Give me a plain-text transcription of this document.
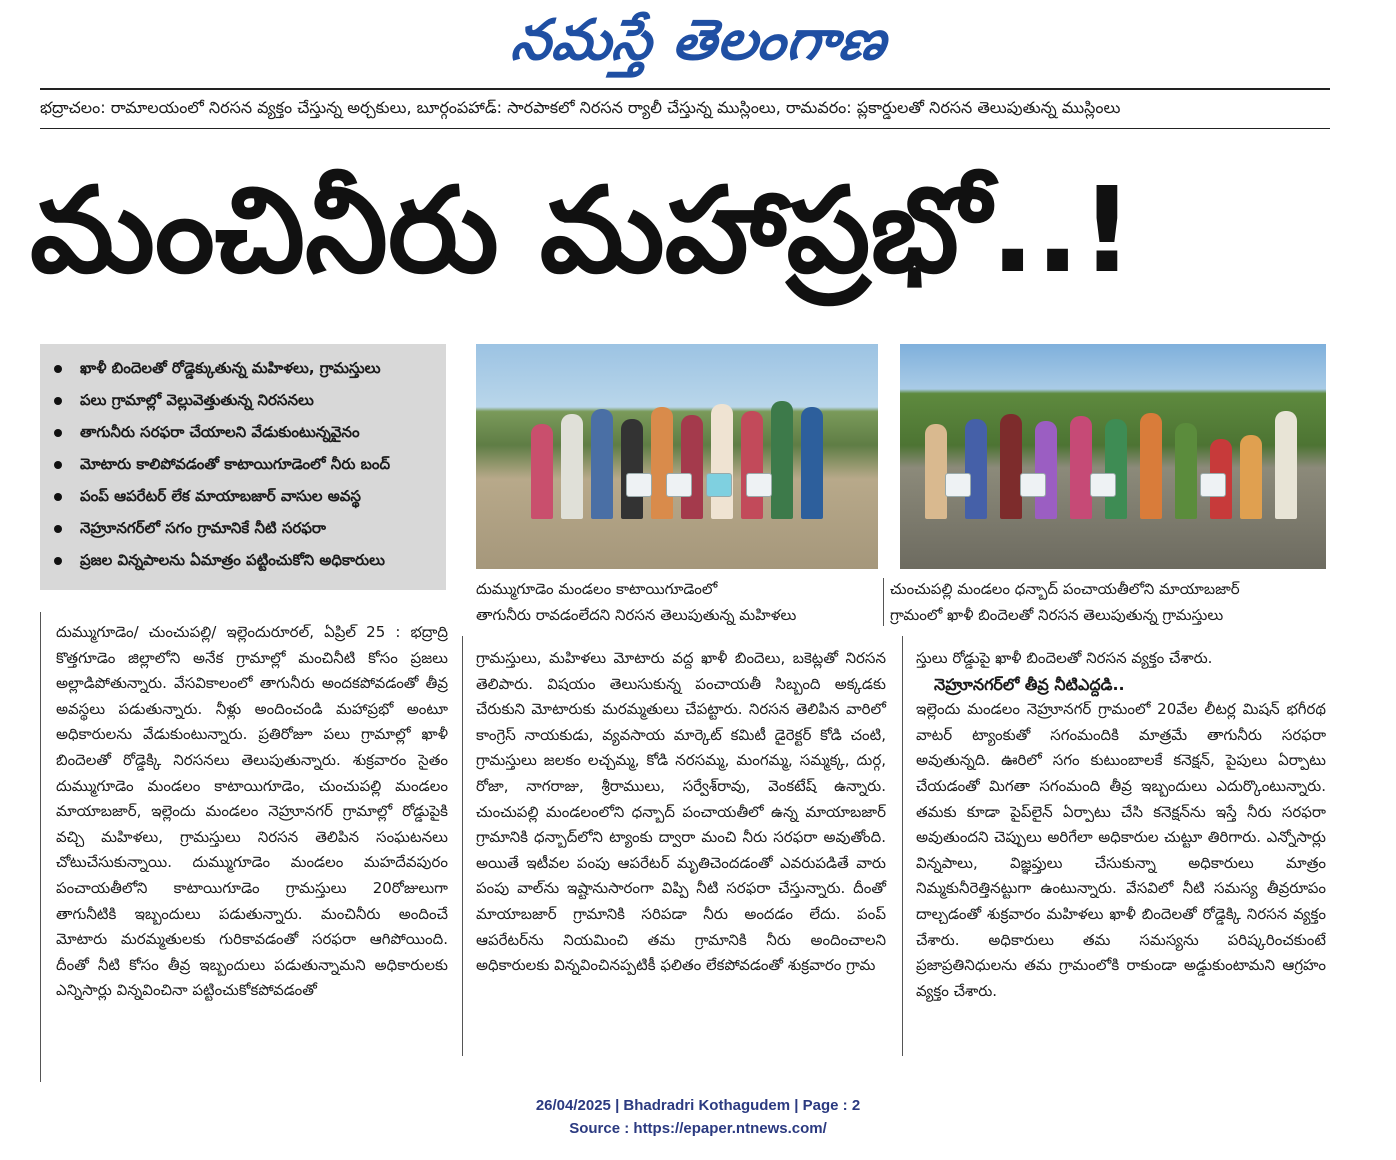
నమస్తే తెలంగాణ
భద్రాచలం: రామాలయంలో నిరసన వ్యక్తం చేస్తున్న అర్చకులు, బూర్గంపహాడ్: సారపాకలో నిరసన ర్యాలీ చేస్తున్న ముస్లింలు, రామవరం: ప్లకార్డులతో నిరసన తెలుపుతున్న ముస్లింలు
మంచినీరు మహాప్రభో..!
ఖాళీ బిందెలతో రోడ్డెక్కుతున్న మహిళలు, గ్రామస్తులు
పలు గ్రామాల్లో వెల్లువెత్తుతున్న నిరసనలు
తాగునీరు సరఫరా చేయాలని వేడుకుంటున్నవైనం
మోటారు కాలిపోవడంతో కాటాయిగూడెంలో నీరు బంద్
పంప్ ఆపరేటర్ లేక మాయాబజార్ వాసుల అవస్థ
నెహ్రూనగర్‌లో సగం గ్రామానికే నీటి సరఫరా
ప్రజల విన్నపాలను ఏమాత్రం పట్టించుకోని అధికారులు
దుమ్ముగూడెం మండలం కాటాయిగూడెంలో
తాగునీరు రావడంలేదని నిరసన తెలుపుతున్న మహిళలు
చుంచుపల్లి మండలం ధన్బాద్ పంచాయతీలోని మాయాబజార్
గ్రామంలో ఖాళీ బిందెలతో నిరసన తెలుపుతున్న గ్రామస్తులు

దుమ్ముగూడెం/ చుంచుపల్లి/ ఇల్లెందురూరల్, ఏప్రిల్ 25 : భద్రాద్రి కొత్తగూడెం జిల్లాలోని అనేక గ్రామాల్లో మంచినీటి కోసం ప్రజలు అల్లాడిపోతున్నారు. వేసవికాలంలో తాగునీరు అందకపోవడంతో తీవ్ర అవస్థలు పడుతున్నారు. నీళ్లు అందించండి మహాప్రభో అంటూ అధికారులను వేడుకుంటున్నారు. ప్రతిరోజూ పలు గ్రామాల్లో ఖాళీ బిందెలతో రోడ్డెక్కి నిరసనలు తెలుపుతున్నారు. శుక్రవారం సైతం దుమ్ముగూడెం మండలం కాటాయిగూడెం, చుంచుపల్లి మండలం మాయాబజార్, ఇల్లెందు మండలం నెహ్రూనగర్ గ్రామాల్లో రోడ్డుపైకి వచ్చి మహిళలు, గ్రామస్తులు నిరసన తెలిపిన సంఘటనలు చోటుచేసుకున్నాయి. దుమ్ముగూడెం మండలం మహదేవపురం పంచాయతీలోని కాటాయిగూడెం గ్రామస్తులు 20రోజులుగా తాగునీటికి ఇబ్బందులు పడుతున్నారు. మంచినీరు అందించే మోటారు మరమ్మతులకు గురికావడంతో సరఫరా ఆగిపోయింది. దీంతో నీటి కోసం తీవ్ర ఇబ్బందులు పడుతున్నామని అధికారులకు ఎన్నిసార్లు విన్నవించినా పట్టించుకోకపోవడంతో

గ్రామస్తులు, మహిళలు మోటారు వద్ద ఖాళీ బిందెలు, బకెట్లతో నిరసన తెలిపారు. విషయం తెలుసుకున్న పంచాయతీ సిబ్బంది అక్కడకు చేరుకుని మోటారుకు మరమ్మతులు చేపట్టారు. నిరసన తెలిపిన వారిలో కాంగ్రెస్ నాయకుడు, వ్యవసాయ మార్కెట్ కమిటీ డైరెక్టర్ కోడి చంటి, గ్రామస్తులు జలకం లచ్చమ్మ, కోడి నరసమ్మ, మంగమ్మ, సమ్మక్క, దుర్గ, రోజా, నాగరాజు, శ్రీరాములు, సర్వేశ్‌రావు, వెంకటేష్ ఉన్నారు. చుంచుపల్లి మండలంలోని ధన్బాద్ పంచాయతీలో ఉన్న మాయాబజార్ గ్రామానికి ధన్బాద్‌లోని ట్యాంకు ద్వారా మంచి నీరు సరఫరా అవుతోంది. అయితే ఇటీవల పంపు ఆపరేటర్ మృతిచెందడంతో ఎవరుపడితే వారు పంపు వాల్‌ను ఇష్టానుసారంగా విప్పి నీటి సరఫరా చేస్తున్నారు. దీంతో మాయాబజార్ గ్రామానికి సరిపడా నీరు అందడం లేదు. పంప్ ఆపరేటర్‌ను నియమించి తమ గ్రామానికి నీరు అందించాలని అధికారులకు విన్నవించినప్పటికీ ఫలితం లేకపోవడంతో శుక్రవారం గ్రామ

స్తులు రోడ్డుపై ఖాళీ బిందెలతో నిరసన వ్యక్తం చేశారు.

నెహ్రూనగర్‌లో తీవ్ర నీటిఎద్దడి..

ఇల్లెందు మండలం నెహ్రూనగర్ గ్రామంలో 20వేల లీటర్ల మిషన్ భగీరథ వాటర్ ట్యాంకుతో సగంమందికి మాత్రమే తాగునీరు సరఫరా అవుతున్నది. ఊరిలో సగం కుటుంబాలకే కనెక్షన్, పైపులు ఏర్పాటు చేయడంతో మిగతా సగంమంది తీవ్ర ఇబ్బందులు ఎదుర్కొంటున్నారు. తమకు కూడా పైప్‌లైన్ ఏర్పాటు చేసి కనెక్షన్‌ను ఇస్తే నీరు సరఫరా అవుతుందని చెప్పులు అరిగేలా అధికారుల చుట్టూ తిరిగారు. ఎన్నోసార్లు విన్నపాలు, విజ్ఞప్తులు చేసుకున్నా అధికారులు మాత్రం నిమ్మకునీరెత్తినట్టుగా ఉంటున్నారు. వేసవిలో నీటి సమస్య తీవ్రరూపం దాల్చడంతో శుక్రవారం మహిళలు ఖాళీ బిందెలతో రోడ్డెక్కి నిరసన వ్యక్తం చేశారు. అధికారులు తమ సమస్యను పరిష్కరించకుంటే ప్రజాప్రతినిధులను తమ గ్రామంలోకి రాకుండా అడ్డుకుంటామని ఆగ్రహం వ్యక్తం చేశారు.

26/04/2025 | Bhadradri Kothagudem | Page : 2
Source : https://epaper.ntnews.com/
